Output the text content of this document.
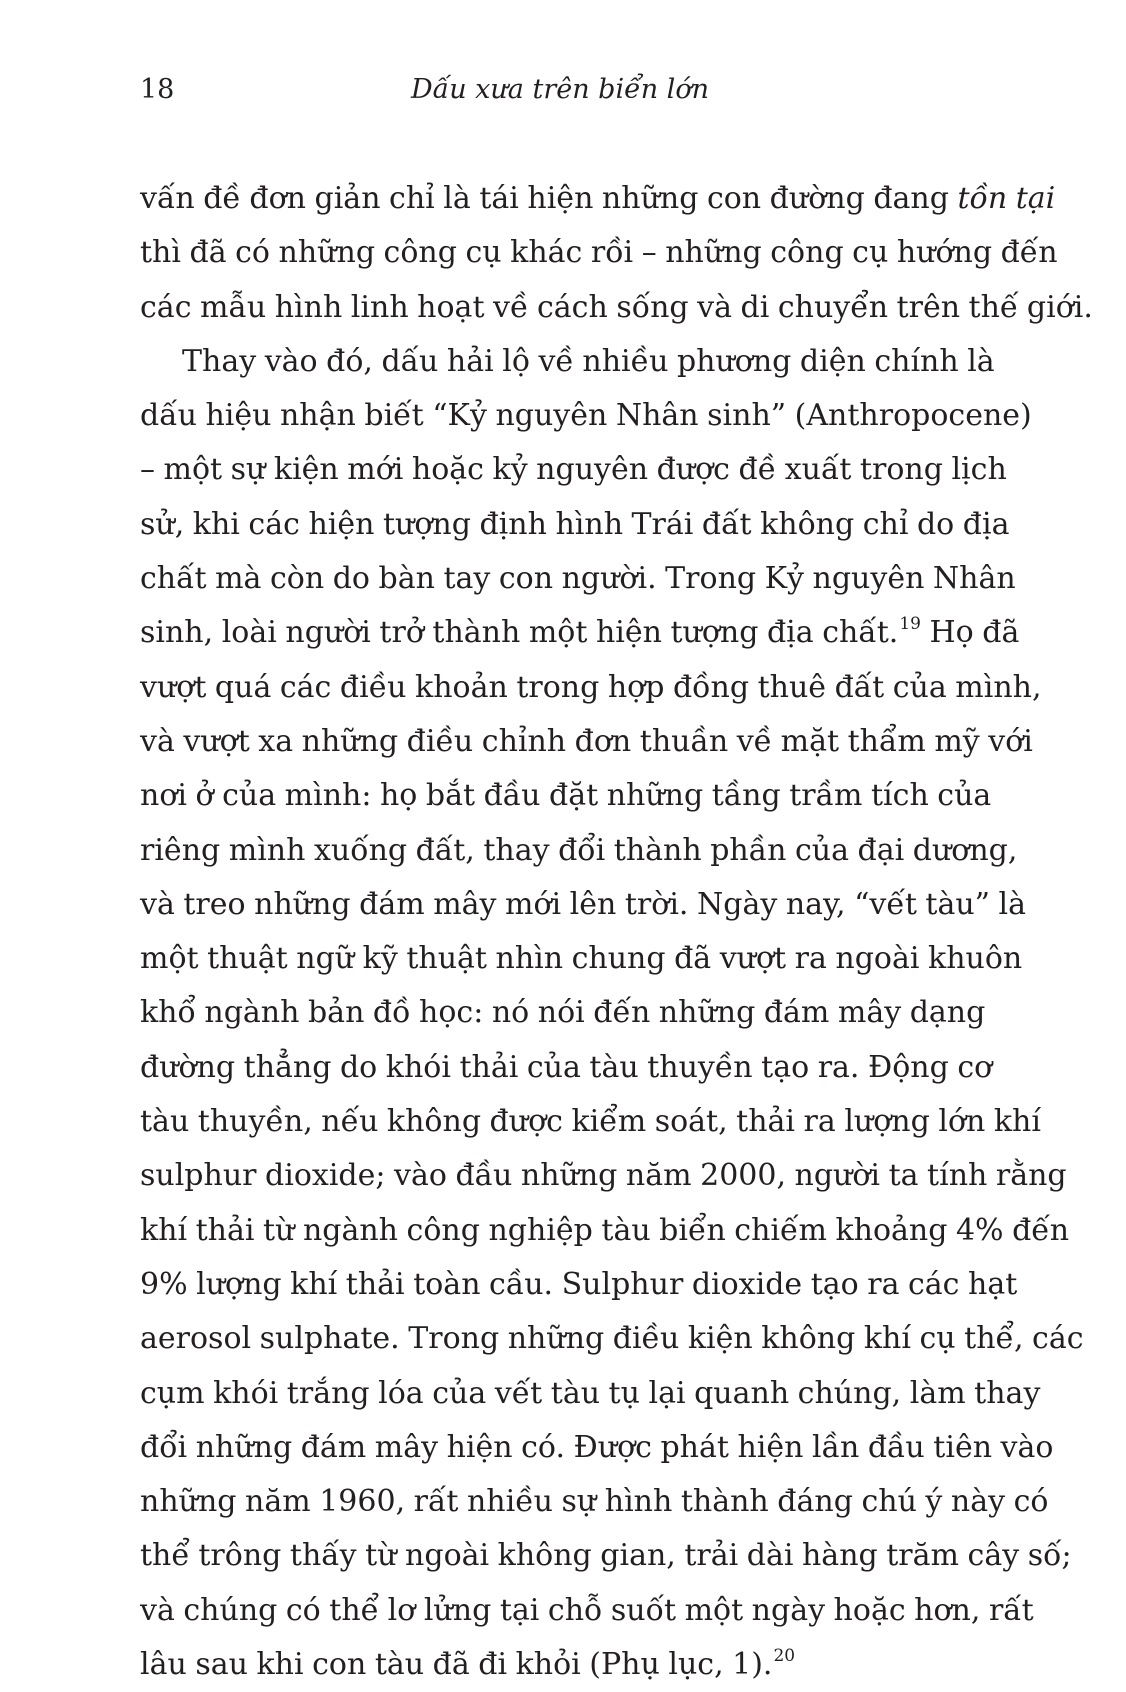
18	Dấu xưa trên biển lớn

vấn đề đơn giản chỉ là tái hiện những con đường đang tồn tại
thì đã có những công cụ khác rồi – những công cụ hướng đến
các mẫu hình linh hoạt về cách sống và di chuyển trên thế giới.

Thay vào đó, dấu hải lộ về nhiều phương diện chính là
dấu hiệu nhận biết “Kỷ nguyên Nhân sinh” (Anthropocene)
– một sự kiện mới hoặc kỷ nguyên được đề xuất trong lịch
sử, khi các hiện tượng định hình Trái đất không chỉ do địa
chất mà còn do bàn tay con người. Trong Kỷ nguyên Nhân
sinh, loài người trở thành một hiện tượng địa chất.$^{19}$ Họ đã
vượt quá các điều khoản trong hợp đồng thuê đất của mình,
và vượt xa những điều chỉnh đơn thuần về mặt thẩm mỹ với
nơi ở của mình: họ bắt đầu đặt những tầng trầm tích của
riêng mình xuống đất, thay đổi thành phần của đại dương,
và treo những đám mây mới lên trời. Ngày nay, “vết tàu” là
một thuật ngữ kỹ thuật nhìn chung đã vượt ra ngoài khuôn
khổ ngành bản đồ học: nó nói đến những đám mây dạng
đường thẳng do khói thải của tàu thuyền tạo ra. Động cơ
tàu thuyền, nếu không được kiểm soát, thải ra lượng lớn khí
sulphur dioxide; vào đầu những năm 2000, người ta tính rằng
khí thải từ ngành công nghiệp tàu biển chiếm khoảng 4% đến
9% lượng khí thải toàn cầu. Sulphur dioxide tạo ra các hạt
aerosol sulphate. Trong những điều kiện không khí cụ thể, các
cụm khói trắng lóa của vết tàu tụ lại quanh chúng, làm thay
đổi những đám mây hiện có. Được phát hiện lần đầu tiên vào
những năm 1960, rất nhiều sự hình thành đáng chú ý này có
thể trông thấy từ ngoài không gian, trải dài hàng trăm cây số;
và chúng có thể lơ lửng tại chỗ suốt một ngày hoặc hơn, rất
lâu sau khi con tàu đã đi khỏi (Phụ lục, 1).$^{20}$
